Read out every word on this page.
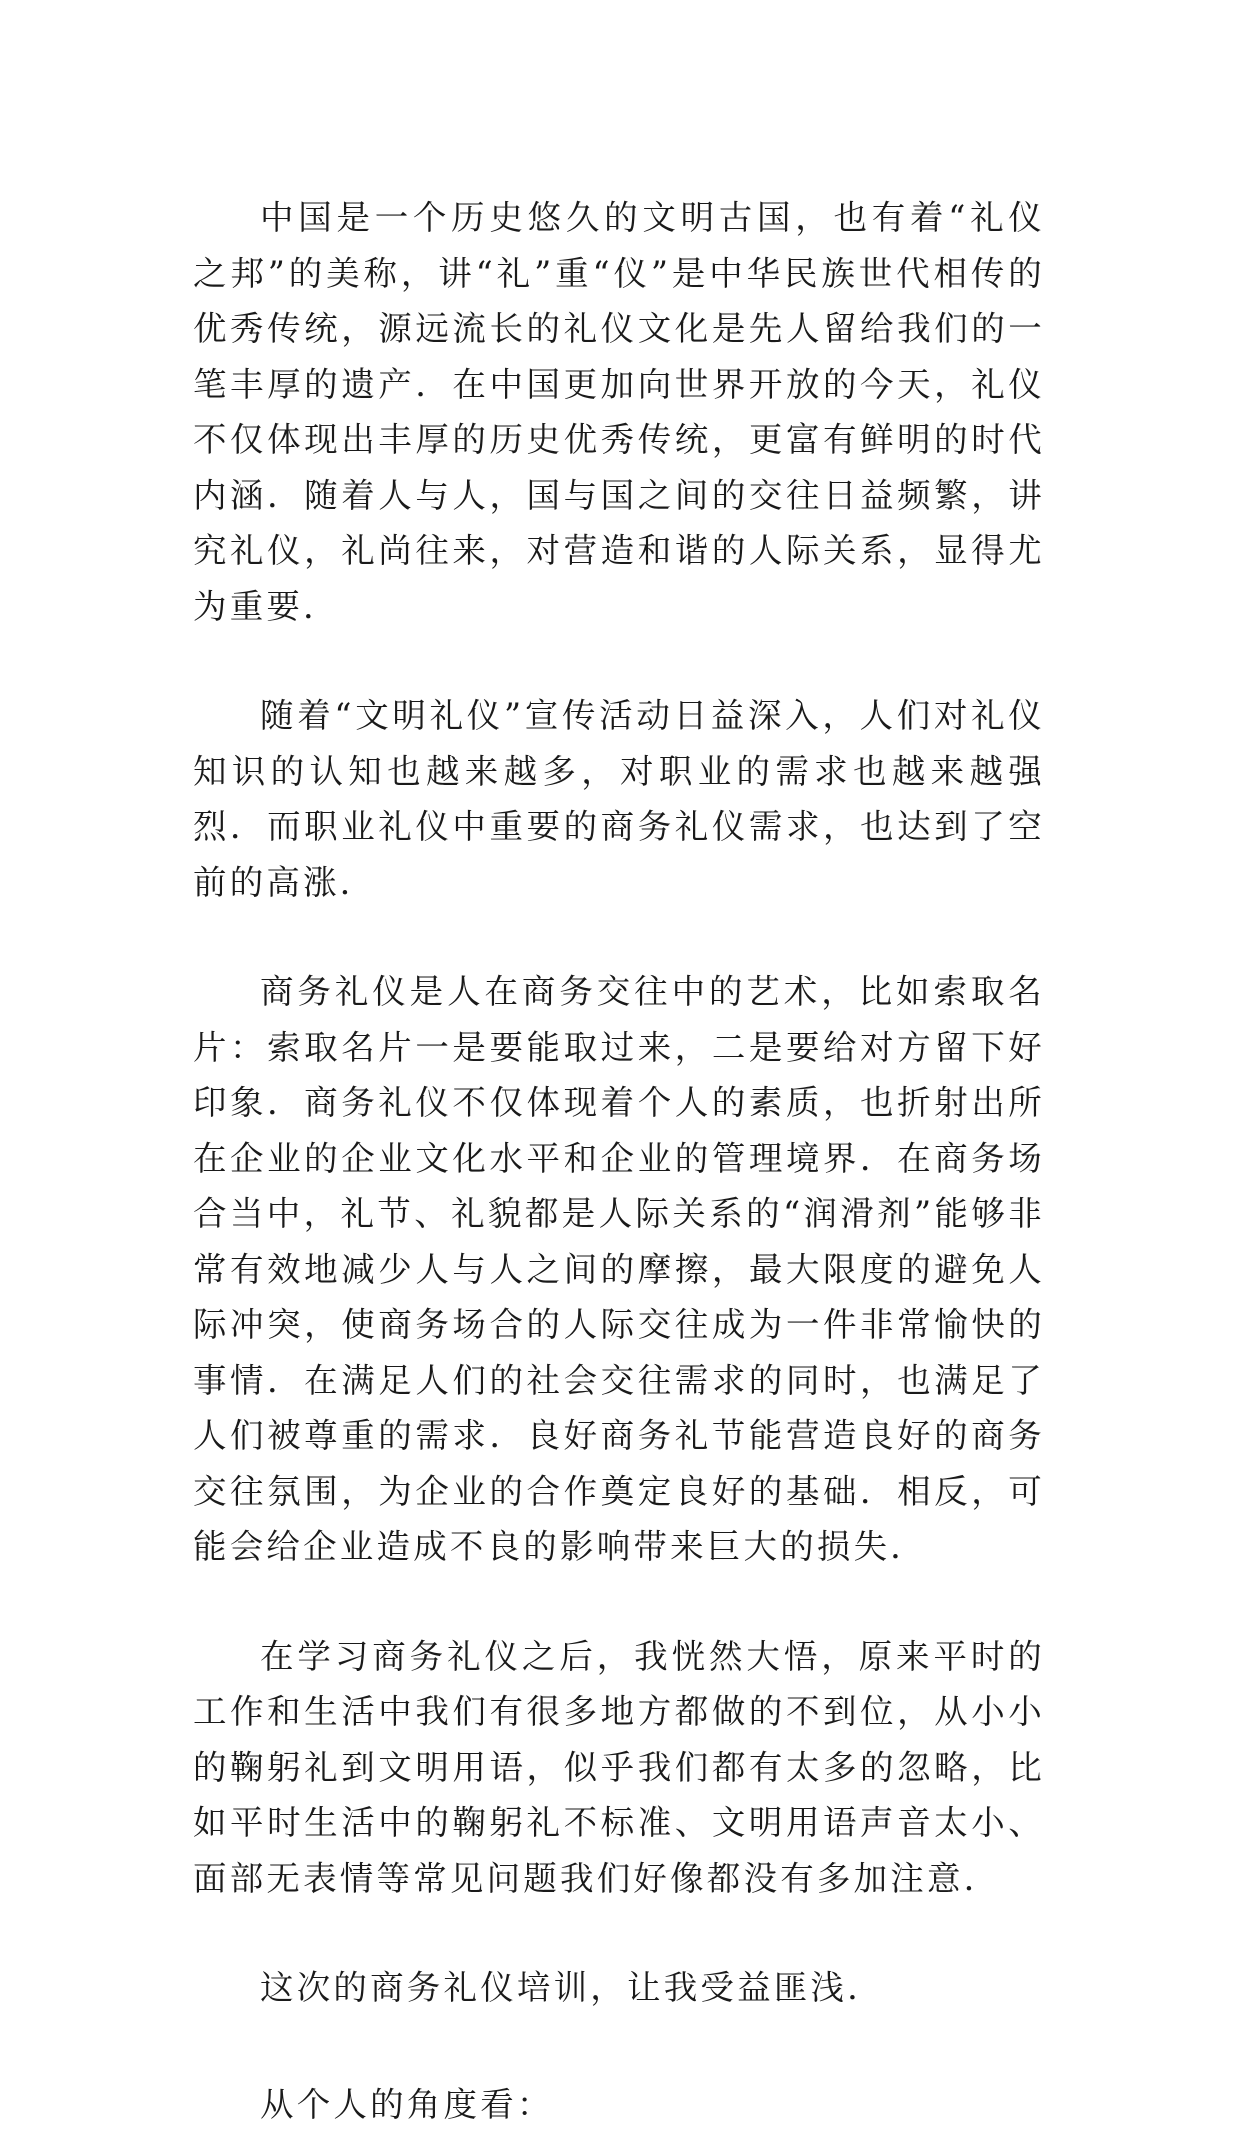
中国是一个历史悠久的文明古国，也有着“礼仪之邦”的美称，讲“礼”重“仪”是中华民族世代相传的优秀传统，源远流长的礼仪文化是先人留给我们的一笔丰厚的遗产．在中国更加向世界开放的今天，礼仪不仅体现出丰厚的历史优秀传统，更富有鲜明的时代内涵．随着人与人，国与国之间的交往日益频繁，讲究礼仪，礼尚往来，对营造和谐的人际关系，显得尤为重要．

随着“文明礼仪”宣传活动日益深入，人们对礼仪知识的认知也越来越多，对职业的需求也越来越强烈．而职业礼仪中重要的商务礼仪需求，也达到了空前的高涨．

商务礼仪是人在商务交往中的艺术，比如索取名片：索取名片一是要能取过来，二是要给对方留下好印象．商务礼仪不仅体现着个人的素质，也折射出所在企业的企业文化水平和企业的管理境界．在商务场合当中，礼节、礼貌都是人际关系的“润滑剂”能够非常有效地减少人与人之间的摩擦，最大限度的避免人际冲突，使商务场合的人际交往成为一件非常愉快的事情．在满足人们的社会交往需求的同时，也满足了人们被尊重的需求．良好商务礼节能营造良好的商务交往氛围，为企业的合作奠定良好的基础．相反，可能会给企业造成不良的影响带来巨大的损失．

在学习商务礼仪之后，我恍然大悟，原来平时的工作和生活中我们有很多地方都做的不到位，从小小的鞠躬礼到文明用语，似乎我们都有太多的忽略，比如平时生活中的鞠躬礼不标准、文明用语声音太小、面部无表情等常见问题我们好像都没有多加注意．

这次的商务礼仪培训，让我受益匪浅．

从个人的角度看：
